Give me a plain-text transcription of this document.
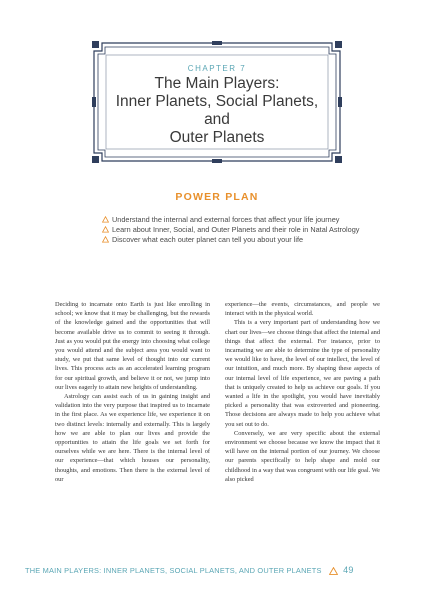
CHAPTER 7

The Main Players:
Inner Planets, Social Planets, and
Outer Planets
POWER PLAN
Understand the internal and external forces that affect your life journey
Learn about Inner, Social, and Outer Planets and their role in Natal Astrology
Discover what each outer planet can tell you about your life

Deciding to incarnate onto Earth is just like enrolling in school; we know that it may be challenging, but the rewards of the knowledge gained and the opportunities that will become available drive us to commit to seeing it through. Just as you would put the energy into choosing what college you would attend and the subject area you would want to study, we put that same level of thought into our current lives. This process acts as an accelerated learning program for our spiritual growth, and believe it or not, we jump into our lives eagerly to attain new heights of understanding.

Astrology can assist each of us in gaining insight and validation into the very purpose that inspired us to incarnate in the first place. As we experience life, we experience it on two distinct levels: internally and externally. This is largely how we are able to plan our lives and provide the opportunities to attain the life goals we set forth for ourselves while we are here. There is the internal level of our experience—that which houses our personality, thoughts, and emotions. Then there is the external level of our

experience—the events, circumstances, and people we interact with in the physical world.

This is a very important part of understanding how we chart our lives—we choose things that affect the internal and things that affect the external. For instance, prior to incarnating we are able to determine the type of personality we would like to have, the level of our intellect, the level of our intuition, and much more. By shaping these aspects of our internal level of life experience, we are paving a path that is uniquely created to help us achieve our goals. If you wanted a life in the spotlight, you would have inevitably picked a personality that was extroverted and pioneering. Those decisions are always made to help you achieve what you set out to do.

Conversely, we are very specific about the external environment we choose because we know the impact that it will have on the internal portion of our journey. We choose our parents specifically to help shape and mold our childhood in a way that was congruent with our life goal. We also picked

THE MAIN PLAYERS: INNER PLANETS, SOCIAL PLANETS, AND OUTER PLANETS 49
